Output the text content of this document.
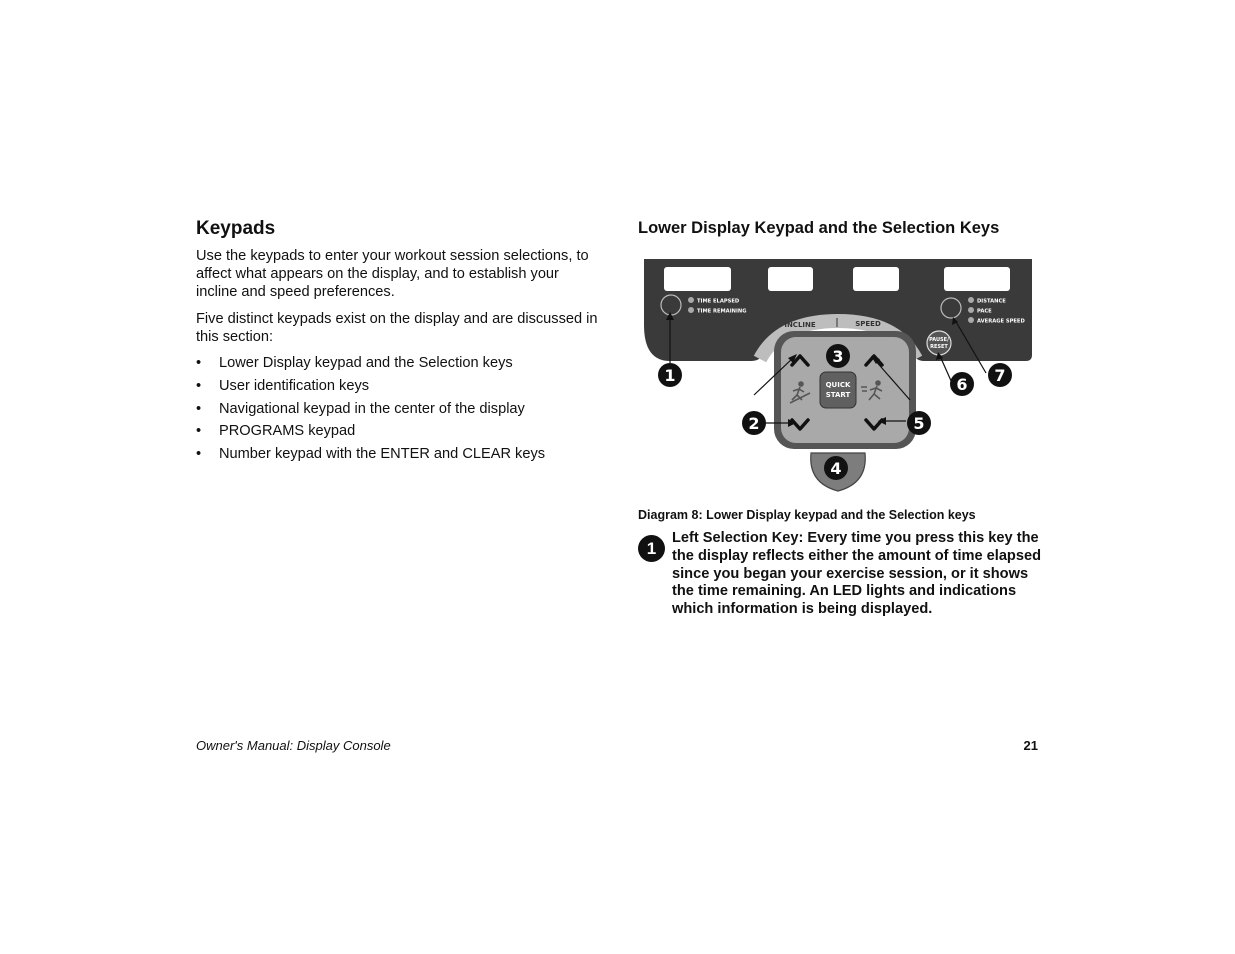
Keypads

Use the keypads to enter your workout session selections, to affect what appears on the display, and to establish your incline and speed preferences.

Five distinct keypads exist on the display and are discussed in this section:

• Lower Display keypad and the Selection keys
• User identification keys
• Navigational keypad in the center of the display
• PROGRAMS keypad
• Number keypad with the ENTER and CLEAR keys
Lower Display Keypad and the Selection Keys
TIME ELAPSED
TIME REMAINING
DISTANCE
PACE
AVERAGE SPEED
PAUSE/
RESET
INCLINE	SPEED
QUICK
START
1
2
3
4
5
6 7
Diagram 8: Lower Display keypad and the Selection keys
1
Left Selection Key: Every time you press this key the the display reflects either the amount of time elapsed since you began your exercise session, or it shows the time remaining. An LED lights and indications which information is being displayed.
Owner's Manual: Display Console	21
